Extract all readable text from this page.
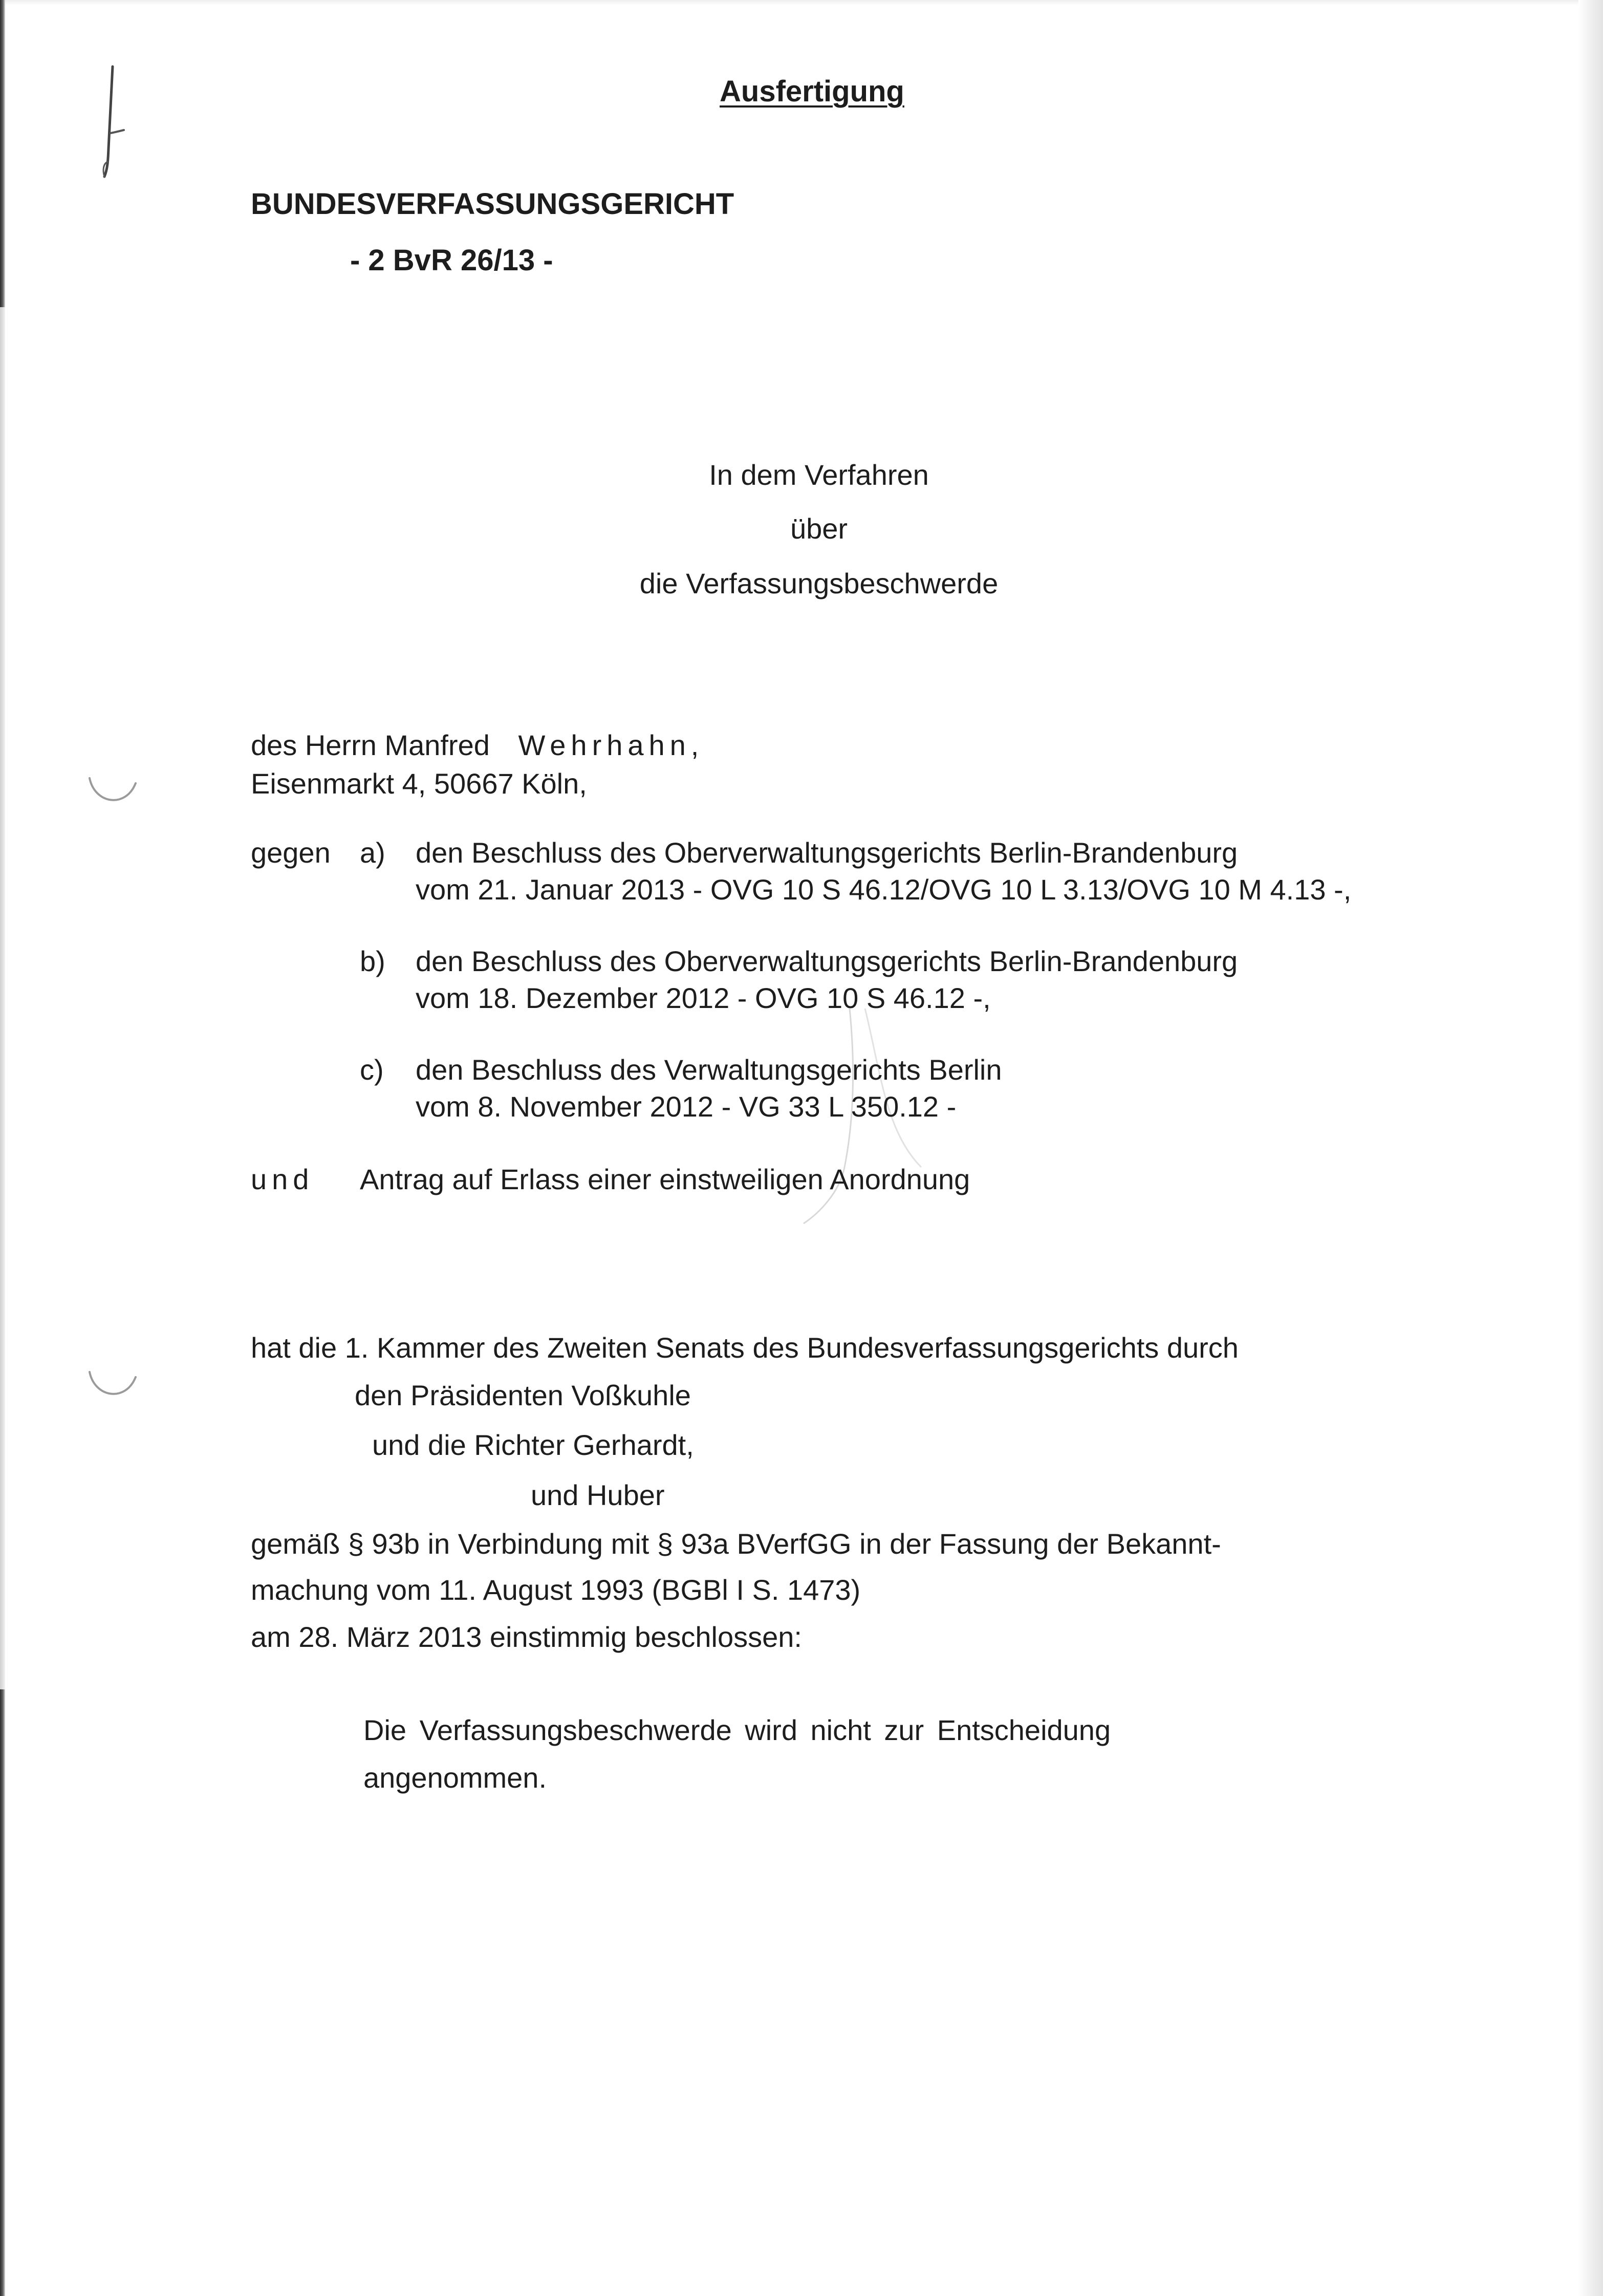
Ausfertigung
BUNDESVERFASSUNGSGERICHT
- 2 BvR 26/13 -
In dem Verfahren
über
die Verfassungsbeschwerde
des Herrn Manfred Wehrhahn,
Eisenmarkt 4, 50667 Köln,
gegen a) den Beschluss des Oberverwaltungsgerichts Berlin-Brandenburg
vom 21. Januar 2013 - OVG 10 S 46.12/OVG 10 L 3.13/OVG 10 M 4.13 -,
b) den Beschluss des Oberverwaltungsgerichts Berlin-Brandenburg
vom 18. Dezember 2012 - OVG 10 S 46.12 -,
c) den Beschluss des Verwaltungsgerichts Berlin
vom 8. November 2012 - VG 33 L 350.12 -
und Antrag auf Erlass einer einstweiligen Anordnung
hat die 1. Kammer des Zweiten Senats des Bundesverfassungsgerichts durch
den Präsidenten Voßkuhle
und die Richter Gerhardt,
und Huber
gemäß § 93b in Verbindung mit § 93a BVerfGG in der Fassung der Bekannt-
machung vom 11. August 1993 (BGBl I S. 1473)
am 28. März 2013 einstimmig beschlossen:
Die Verfassungsbeschwerde wird nicht zur Entscheidung
angenommen.
